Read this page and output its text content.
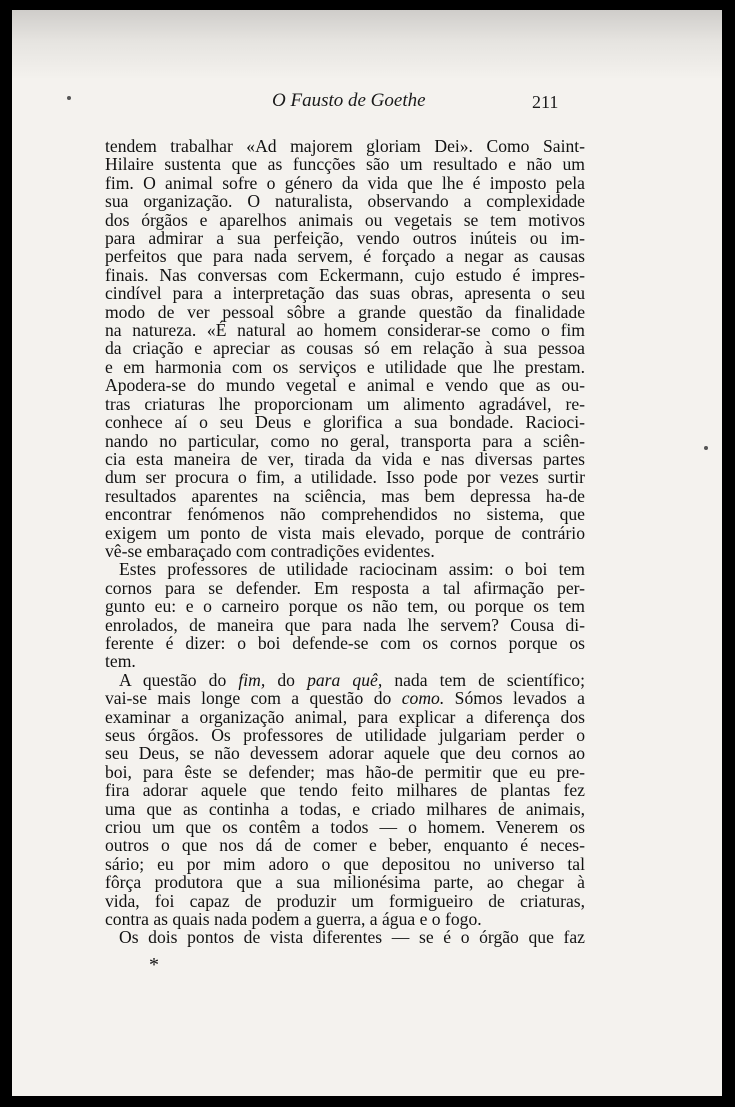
O Fausto de Goethe	211
tendem trabalhar «Ad majorem gloriam Dei». Como Saint-
Hilaire sustenta que as funcções são um resultado e não um
fim. O animal sofre o género da vida que lhe é imposto pela
sua organização. O naturalista, observando a complexidade
dos órgãos e aparelhos animais ou vegetais se tem motivos
para admirar a sua perfeição, vendo outros inúteis ou im-
perfeitos que para nada servem, é forçado a negar as causas
finais. Nas conversas com Eckermann, cujo estudo é impres-
cindível para a interpretação das suas obras, apresenta o seu
modo de ver pessoal sôbre a grande questão da finalidade
na natureza. «É natural ao homem considerar-se como o fim
da criação e apreciar as cousas só em relação à sua pessoa
e em harmonia com os serviços e utilidade que lhe prestam.
Apodera-se do mundo vegetal e animal e vendo que as ou-
tras criaturas lhe proporcionam um alimento agradável, re-
conhece aí o seu Deus e glorifica a sua bondade. Racioci-
nando no particular, como no geral, transporta para a sciên-
cia esta maneira de ver, tirada da vida e nas diversas partes
dum ser procura o fim, a utilidade. Isso pode por vezes surtir
resultados aparentes na sciência, mas bem depressa ha-de
encontrar fenómenos não comprehendidos no sistema, que
exigem um ponto de vista mais elevado, porque de contrário
vê-se embaraçado com contradições evidentes.
Estes professores de utilidade raciocinam assim: o boi tem
cornos para se defender. Em resposta a tal afirmação per-
gunto eu: e o carneiro porque os não tem, ou porque os tem
enrolados, de maneira que para nada lhe servem? Cousa di-
ferente é dizer: o boi defende-se com os cornos porque os
tem.
A questão do fim, do para quê, nada tem de scientífico;
vai-se mais longe com a questão do como. Sómos levados a
examinar a organização animal, para explicar a diferença dos
seus órgãos. Os professores de utilidade julgariam perder o
seu Deus, se não devessem adorar aquele que deu cornos ao
boi, para êste se defender; mas hão-de permitir que eu pre-
fira adorar aquele que tendo feito milhares de plantas fez
uma que as continha a todas, e criado milhares de animais,
criou um que os contêm a todos — o homem. Venerem os
outros o que nos dá de comer e beber, enquanto é neces-
sário; eu por mim adoro o que depositou no universo tal
fôrça produtora que a sua milionésima parte, ao chegar à
vida, foi capaz de produzir um formigueiro de criaturas,
contra as quais nada podem a guerra, a água e o fogo.
Os dois pontos de vista diferentes — se é o órgão que faz
*
